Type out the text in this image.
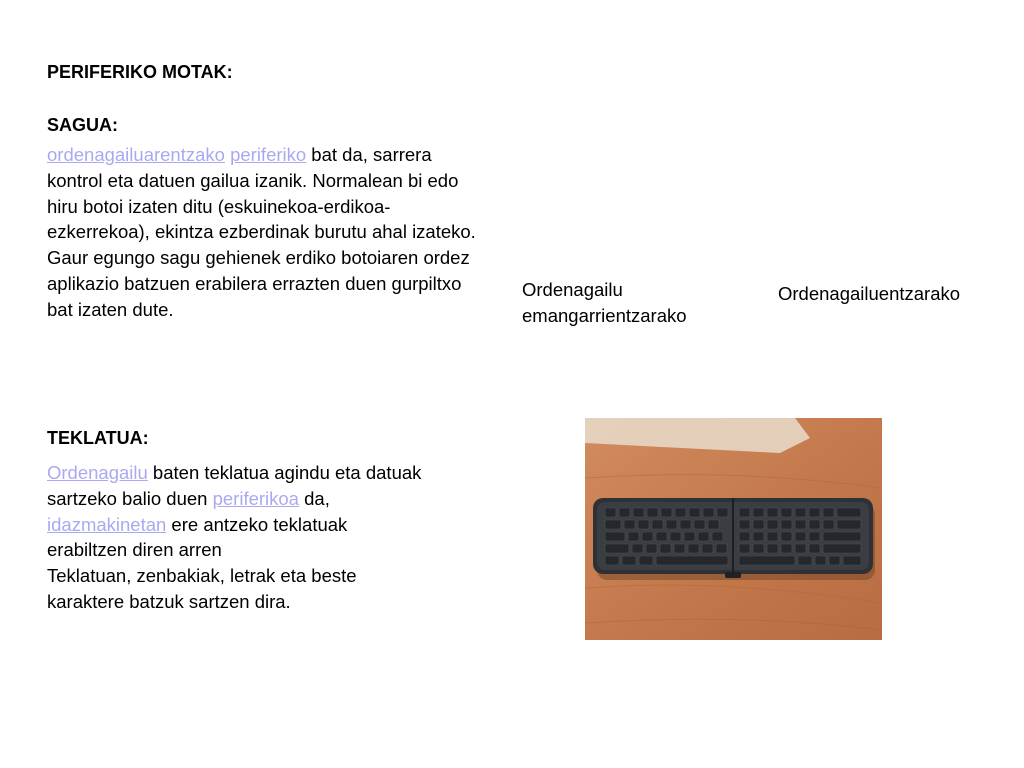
PERIFERIKO MOTAK:
SAGUA:
ordenagailuarentzako periferiko bat da, sarrera kontrol eta datuen gailua izanik. Normalean bi edo hiru botoi izaten ditu (eskuinekoa-erdikoa-ezkerrekoa), ekintza ezberdinak burutu ahal izateko. Gaur egungo sagu gehienek erdiko botoiaren ordez aplikazio batzuen erabilera errazten duen gurpiltxo bat izaten dute.
Ordenagailu emangarrientzarako
Ordenagailuentzarako
TEKLATUA:
Ordenagailu baten teklatua agindu eta datuak sartzeko balio duen periferikoa da, idazmakinetan ere antzeko teklatuak erabiltzen diren arren
Teklatuan, zenbakiak, letrak eta beste karaktere batzuk sartzen dira.
